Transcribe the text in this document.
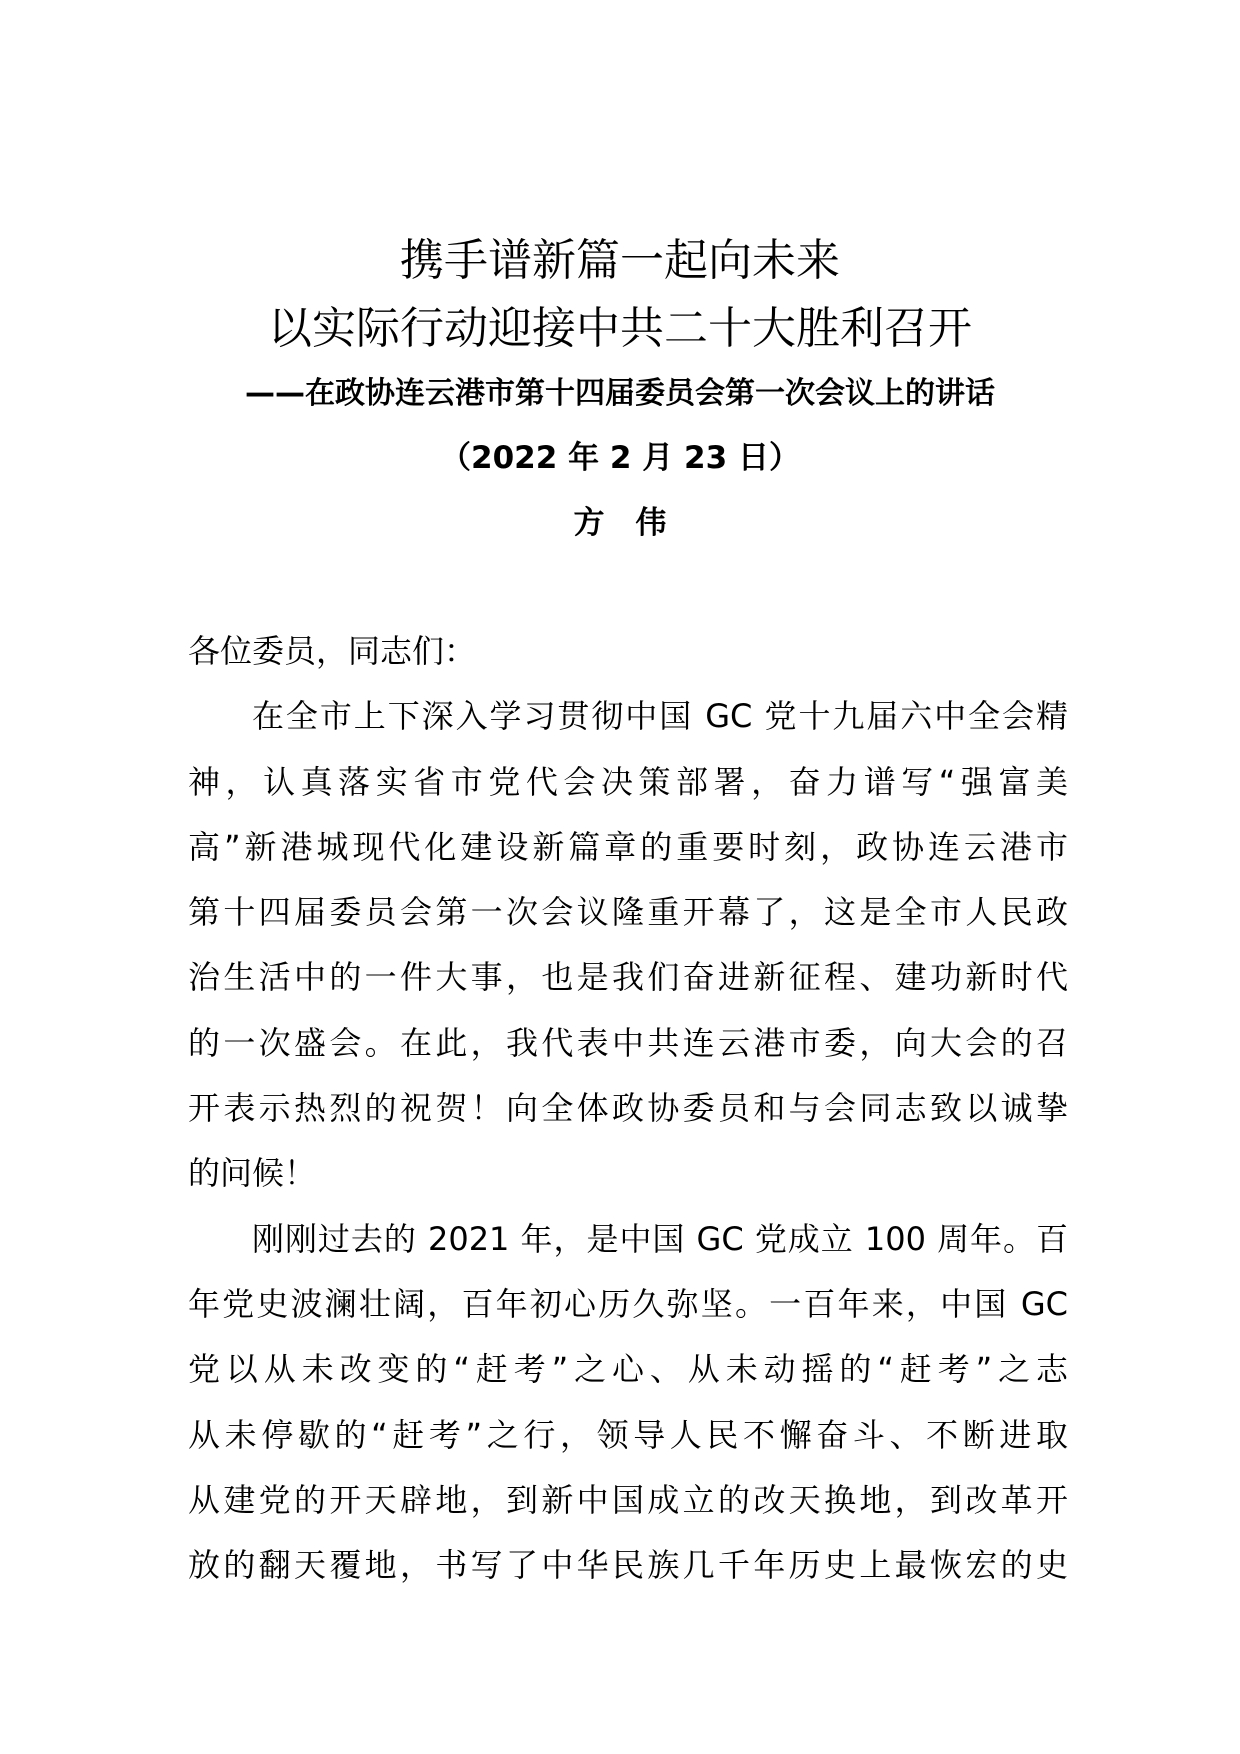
携手谱新篇一起向未来
以实际行动迎接中共二十大胜利召开
——在政协连云港市第十四届委员会第一次会议上的讲话
（2022 年 2 月 23 日）
方　伟
各位委员，同志们：
在全市上下深入学习贯彻中国 GC 党十九届六中全会精
神，认真落实省市党代会决策部署，奋力谱写“强富美
高”新港城现代化建设新篇章的重要时刻，政协连云港市
第十四届委员会第一次会议隆重开幕了，这是全市人民政
治生活中的一件大事，也是我们奋进新征程、建功新时代
的一次盛会。在此，我代表中共连云港市委，向大会的召
开表示热烈的祝贺！向全体政协委员和与会同志致以诚挚
的问候！
刚刚过去的 2021 年，是中国 GC 党成立 100 周年。百
年党史波澜壮阔，百年初心历久弥坚。一百年来，中国 GC
党以从未改变的“赶考”之心、从未动摇的“赶考”之志
从未停歇的“赶考”之行，领导人民不懈奋斗、不断进取
从建党的开天辟地，到新中国成立的改天换地，到改革开
放的翻天覆地，书写了中华民族几千年历史上最恢宏的史
